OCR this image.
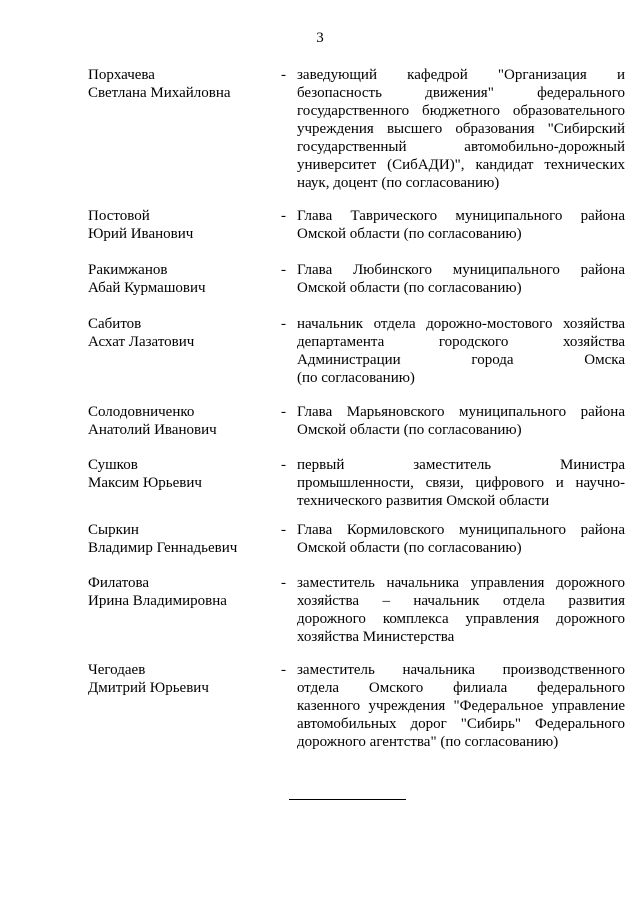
3
Порхачева
Светлана Михайловна
- заведующий кафедрой "Организация и
безопасность движения" федерального
государственного бюджетного образовательного
учреждения высшего образования "Сибирский
государственный автомобильно-дорожный
университет (СибАДИ)", кандидат технических
наук, доцент (по согласованию)
Постовой
Юрий Иванович
- Глава Таврического муниципального района
Омской области (по согласованию)
Ракимжанов
Абай Курмашович
- Глава Любинского муниципального района
Омской области (по согласованию)
Сабитов
Асхат Лазатович
- начальник отдела дорожно-мостового хозяйства
департамента городского хозяйства
Администрации города Омска
(по согласованию)
Солодовниченко
Анатолий Иванович
- Глава Марьяновского муниципального района
Омской области (по согласованию)
Сушков
Максим Юрьевич
- первый заместитель Министра
промышленности, связи, цифрового и научно-
технического развития Омской области
Сыркин
Владимир Геннадьевич
- Глава Кормиловского муниципального района
Омской области (по согласованию)
Филатова
Ирина Владимировна
- заместитель начальника управления дорожного
хозяйства – начальник отдела развития
дорожного комплекса управления дорожного
хозяйства Министерства
Чегодаев
Дмитрий Юрьевич
- заместитель начальника производственного
отдела Омского филиала федерального
казенного учреждения "Федеральное управление
автомобильных дорог "Сибирь" Федерального
дорожного агентства" (по согласованию)
